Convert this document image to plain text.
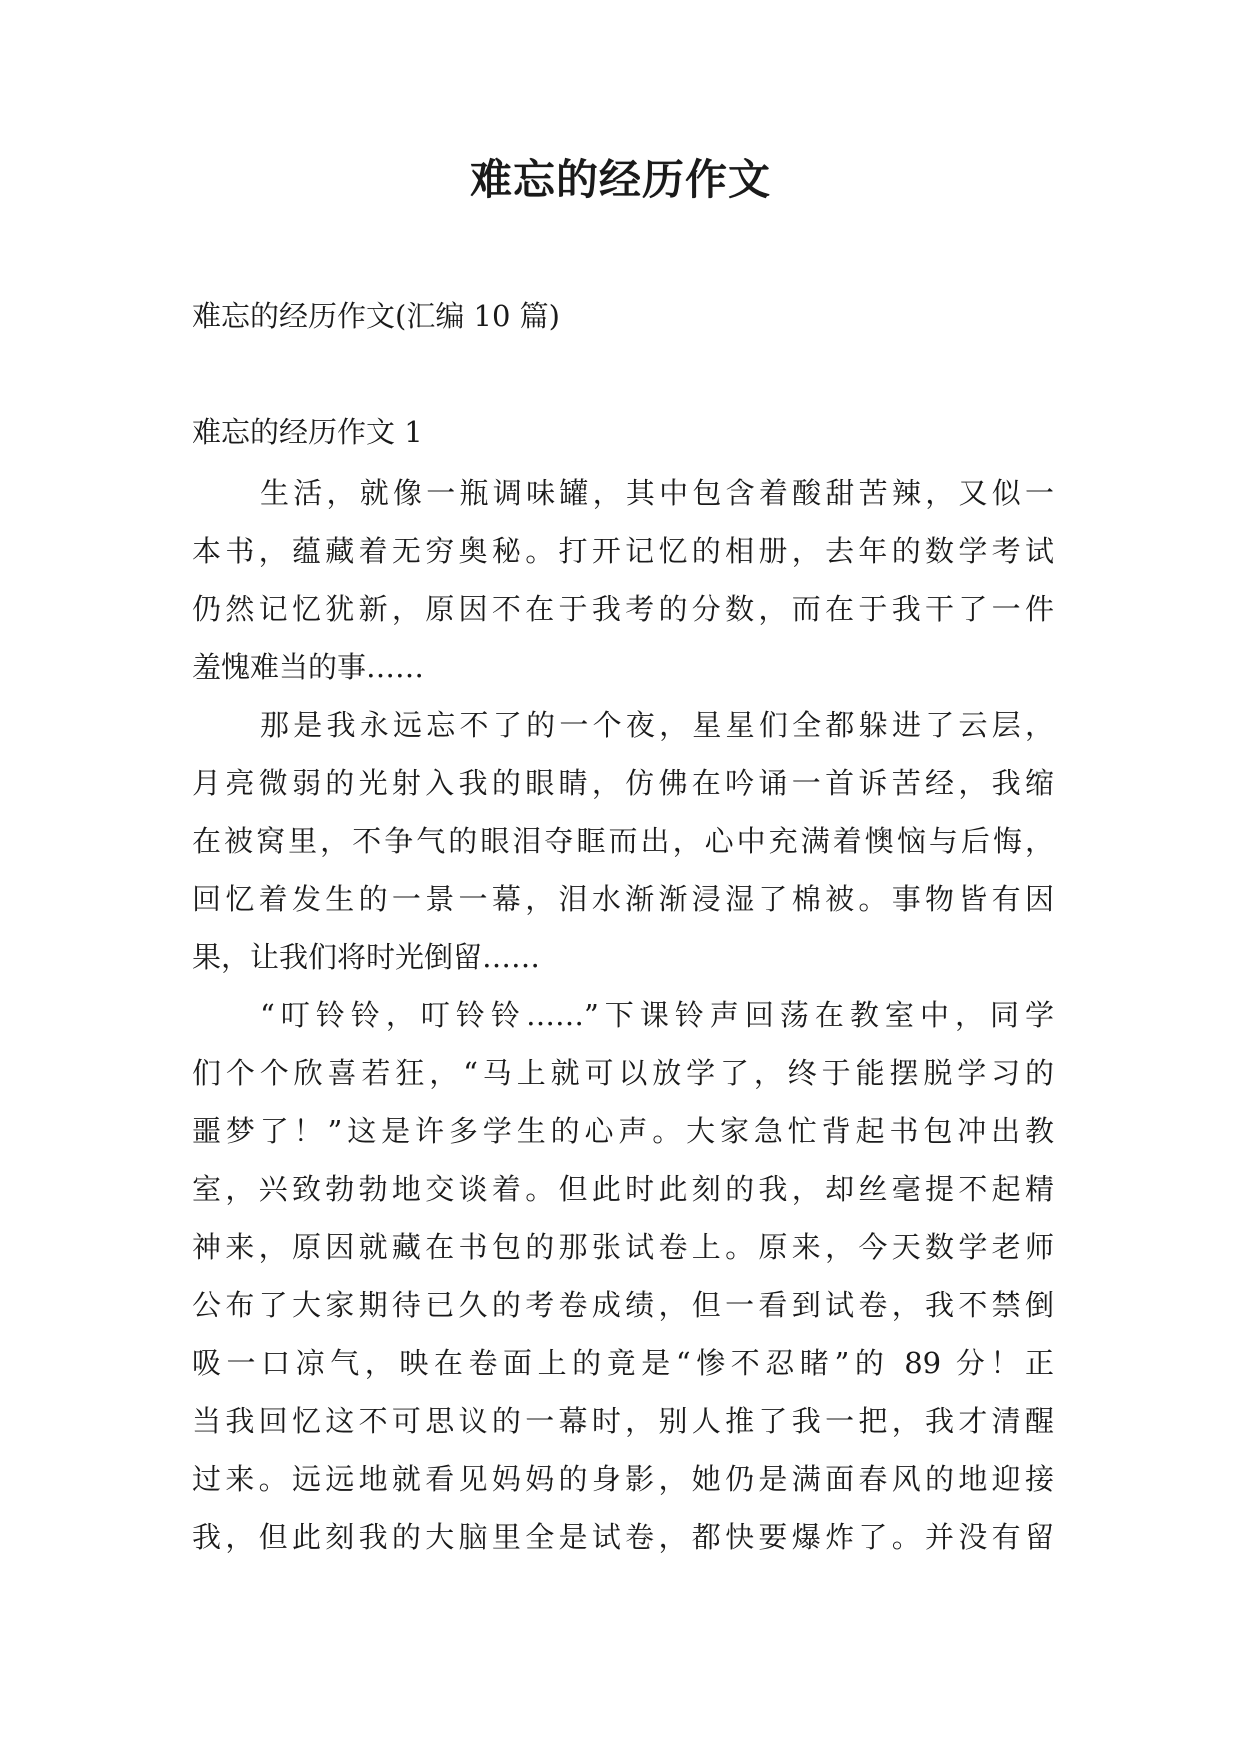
难忘的经历作文
难忘的经历作文(汇编 10 篇)
难忘的经历作文 1
生活，就像一瓶调味罐，其中包含着酸甜苦辣，又似一
本书，蕴藏着无穷奥秘。打开记忆的相册，去年的数学考试
仍然记忆犹新，原因不在于我考的分数，而在于我干了一件
羞愧难当的事……
那是我永远忘不了的一个夜，星星们全都躲进了云层，
月亮微弱的光射入我的眼睛，仿佛在吟诵一首诉苦经，我缩
在被窝里，不争气的眼泪夺眶而出，心中充满着懊恼与后悔，
回忆着发生的一景一幕，泪水渐渐浸湿了棉被。事物皆有因
果，让我们将时光倒留……
“叮铃铃，叮铃铃……”下课铃声回荡在教室中，同学
们个个欣喜若狂，“马上就可以放学了，终于能摆脱学习的
噩梦了！”这是许多学生的心声。大家急忙背起书包冲出教
室，兴致勃勃地交谈着。但此时此刻的我，却丝毫提不起精
神来，原因就藏在书包的那张试卷上。原来，今天数学老师
公布了大家期待已久的考卷成绩，但一看到试卷，我不禁倒
吸一口凉气，映在卷面上的竟是“惨不忍睹”的 89 分！正
当我回忆这不可思议的一幕时，别人推了我一把，我才清醒
过来。远远地就看见妈妈的身影，她仍是满面春风的地迎接
我，但此刻我的大脑里全是试卷，都快要爆炸了。并没有留
